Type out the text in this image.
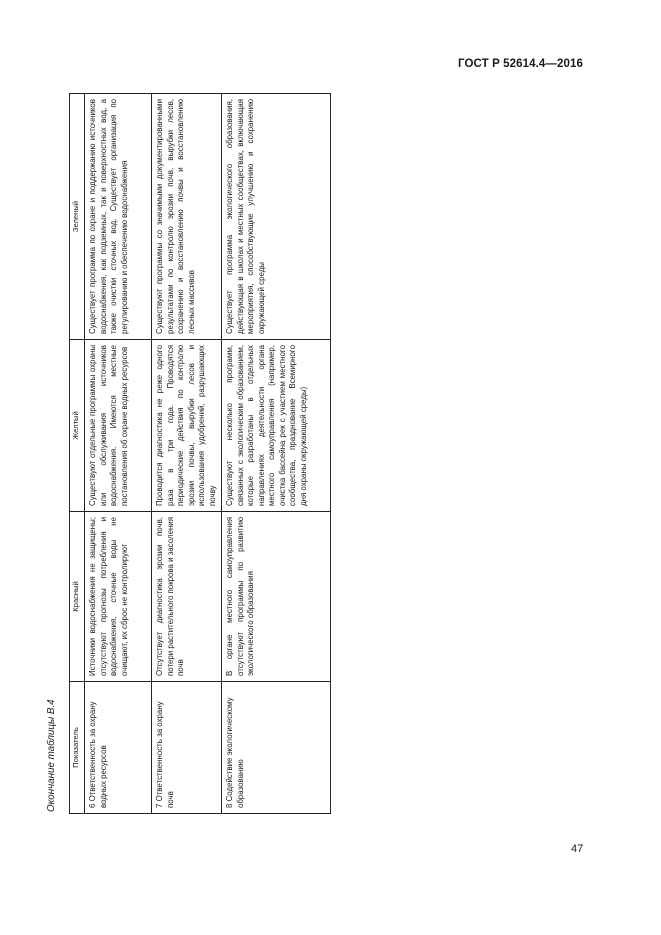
ГОСТ Р 52614.4—2016
Окончание таблицы В.4 Показатель	Красный	Желтый	Зеленый
6 Ответственность за охрану водных ресурсов	Источники водоснабжения не защищены; отсутствуют прогнозы потребления и водоснабжения, сточные воды не очищают, их сброс не контролируют	Существуют отдельные программы охраны или обслуживания источников водоснабжения. Имеются местные постановления об охране водных ресурсов	Существует программа по охране и поддержанию источников водоснабжения, как подземных, так и поверхностных вод, а также очистки сточных вод. Существует организация по регулированию и обеспечению водоснабжения
7 Ответственность за охрану почв	Отсутствует диагностика эрозии почв, потери растительного покрова и засоления почв	Проводится диагностика не реже одного раза в три года. Проводятся периодические действия по контролю эрозии почвы, вырубки лесов и использования удобрений, разрушающих почву	Существуют программы со значимыми документированными результатами по контролю эрозии почв, вырубки лесов, сохранению и восстановлению почвы и восстановлению лесных массивов
8 Содействие экологическому образованию	В органе местного самоуправления отсутствуют программы по развитию экологического образования	Существуют несколько программ, связанных с экологическим образованием, которые разработаны в отдельных направлениях деятельности органа местного самоуправления (например, очистка бассейна рек с участием местного сообщества, празднование Всемирного дня охраны окружающей среды)	Существует программа экологического образования, действующая в школах и местных сообществах, включающая мероприятия, способствующие улучшению и сохранению окружающей среды
47
